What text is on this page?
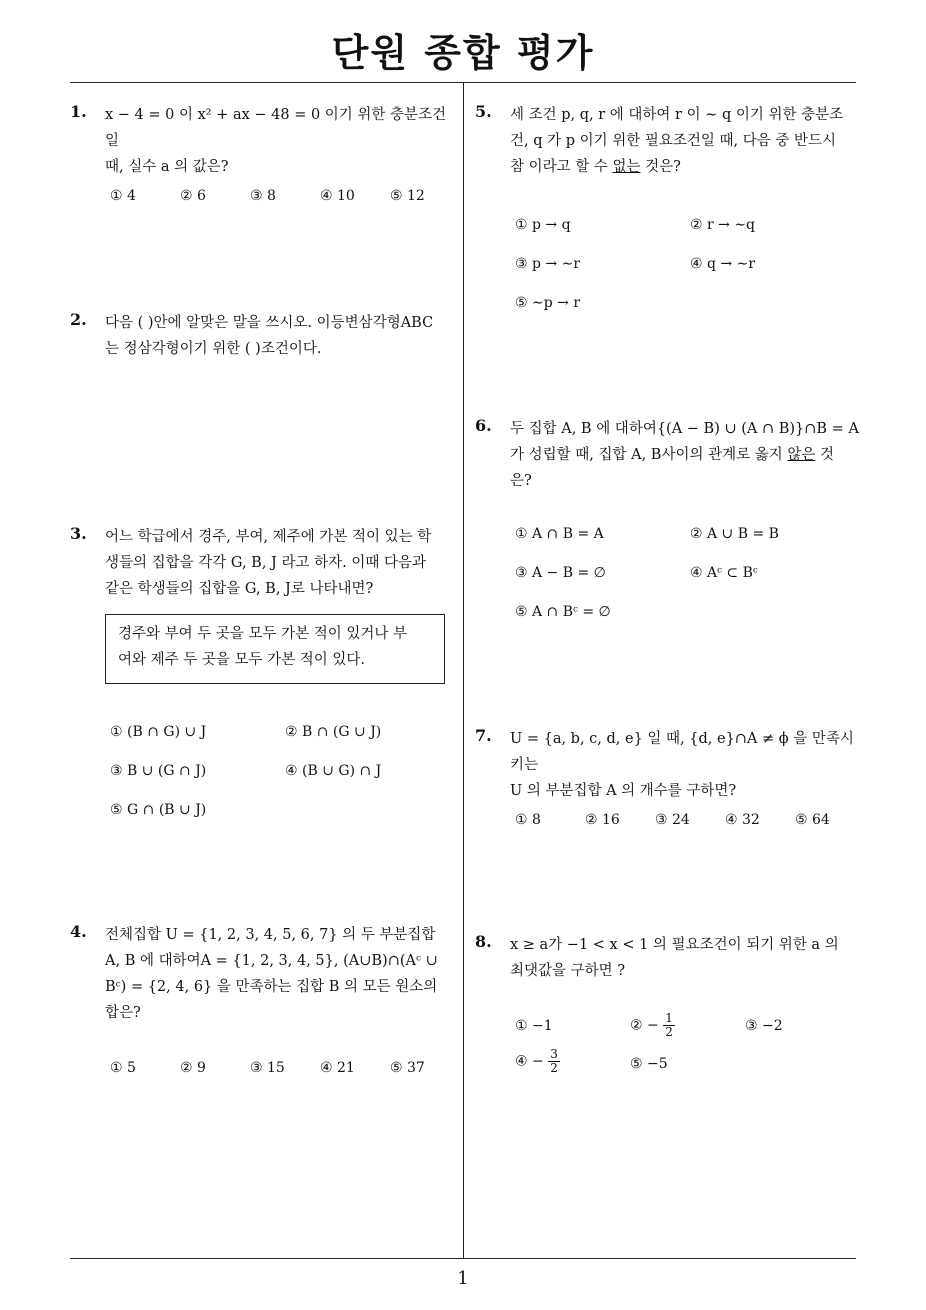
단원 종합 평가
1
1. x − 4 = 0 이 x² + ax − 48 = 0 이기 위한 충분조건일
때, 실수 a 의 값은?
① 4	② 6	③ 8	④ 10	⑤ 12
2. 다음 ( )안에 알맞은 말을 쓰시오. 이등변삼각형ABC
는 정삼각형이기 위한 ( )조건이다.
3. 어느 학급에서 경주, 부여, 제주에 가본 적이 있는 학
생들의 집합을 각각 G, B, J 라고 하자. 이때 다음과
같은 학생들의 집합을 G, B, J로 나타내면?
경주와 부여 두 곳을 모두 가본 적이 있거나 부
여와 제주 두 곳을 모두 가본 적이 있다.
① (B ∩ G) ∪ J	② B ∩ (G ∪ J)
③ B ∪ (G ∩ J)	④ (B ∪ G) ∩ J
⑤ G ∩ (B ∪ J)
4. 전체집합 U = {1, 2, 3, 4, 5, 6, 7} 의 두 부분집합
A, B 에 대하여A = {1, 2, 3, 4, 5}, (A∪B)∩(Aᶜ ∪
Bᶜ) = {2, 4, 6} 을 만족하는 집합 B 의 모든 원소의
합은?
① 5	② 9	③ 15	④ 21	⑤ 37
5. 세 조건 p, q, r 에 대하여 r 이 ∼ q 이기 위한 충분조
건, q 가 p 이기 위한 필요조건일 때, 다음 중 반드시
참 이라고 할 수 없는 것은?
① p → q	② r → ∼q
③ p → ∼r	④ q → ∼r
⑤ ∼p → r
6. 두 집합 A, B 에 대하여{(A − B) ∪ (A ∩ B)}∩B = A
가 성립할 때, 집합 A, B사이의 관계로 옳지 않은 것
은?
① A ∩ B = A	② A ∪ B = B
③ A − B = ∅	④ Aᶜ ⊂ Bᶜ
⑤ A ∩ Bᶜ = ∅
7. U = {a, b, c, d, e} 일 때, {d, e}∩A ≠ ϕ 을 만족시키는
U 의 부분집합 A 의 개수를 구하면?
① 8	② 16	③ 24	④ 32	⑤ 64
8. x ≥ a가 −1 < x < 1 의 필요조건이 되기 위한 a 의
최댓값을 구하면 ?
① −1	② − $\frac{1}{2}$	③ −2
④ − $\frac{3}{2}$	⑤ −5
